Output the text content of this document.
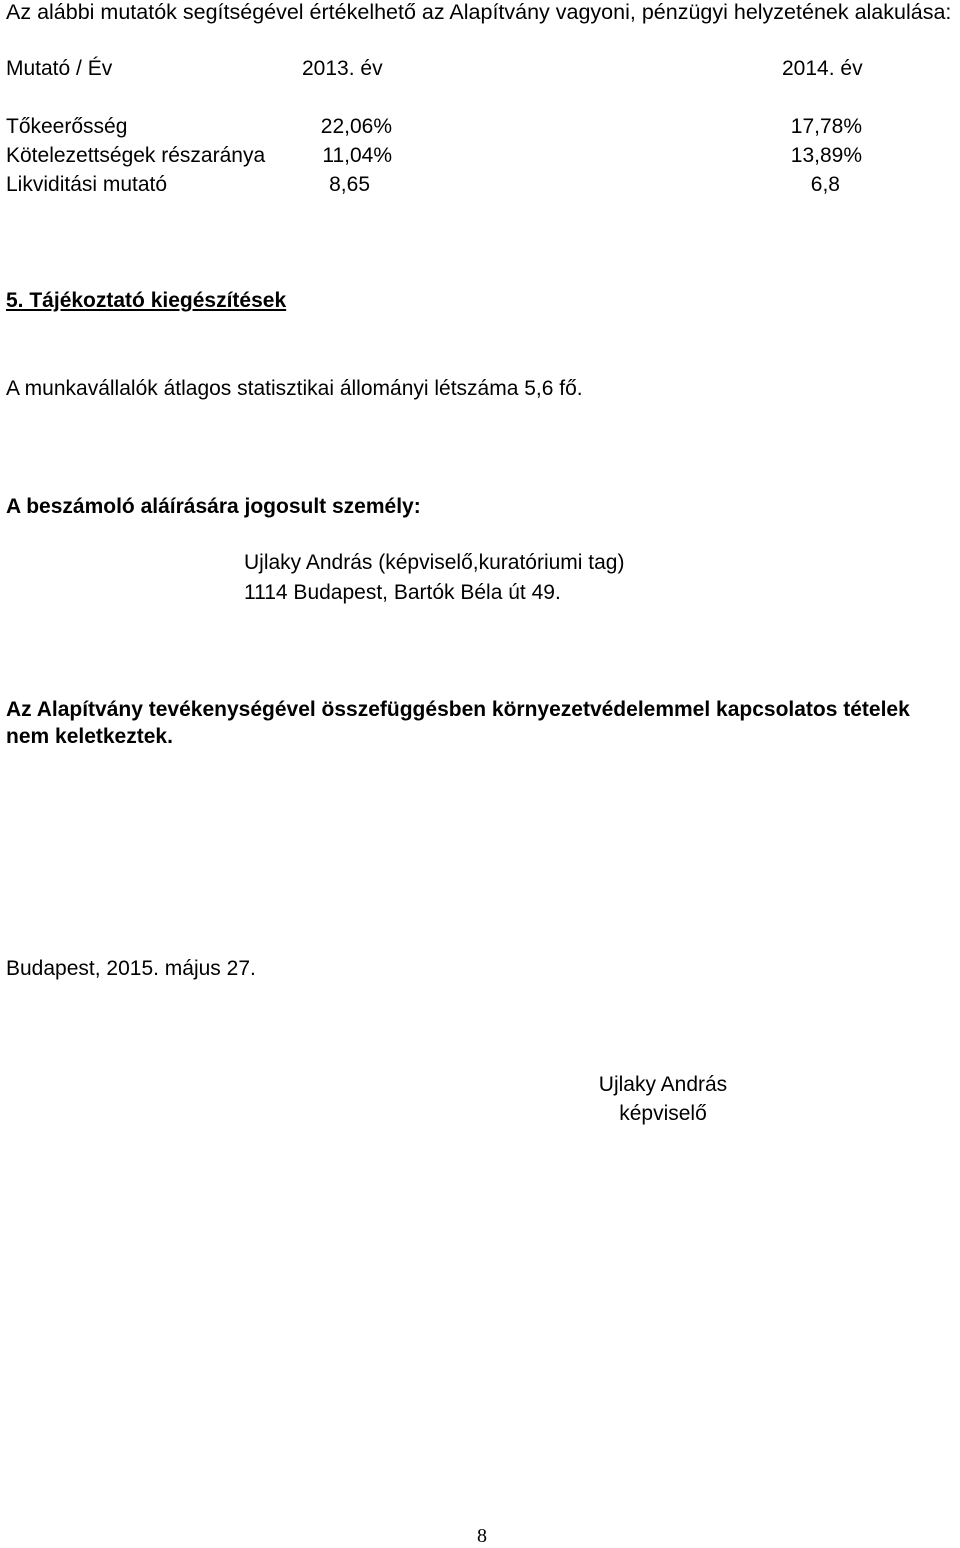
Az alábbi mutatók segítségével értékelhető az Alapítvány vagyoni, pénzügyi helyzetének alakulása:
Mutató / Év	2013. év	2014. év
Tőkeerősség	22,06%	17,78%
Kötelezettségek részaránya	11,04%	13,89%
Likviditási mutató	8,65	6,8
5. Tájékoztató kiegészítések
A munkavállalók átlagos statisztikai állományi létszáma 5,6 fő.
A beszámoló aláírására jogosult személy:
Ujlaky András (képviselő,kuratóriumi tag)
1114 Budapest, Bartók Béla út 49.
Az Alapítvány tevékenységével összefüggésben környezetvédelemmel kapcsolatos tételek nem keletkeztek.
Budapest, 2015. május 27.
Ujlaky András
képviselő
8
